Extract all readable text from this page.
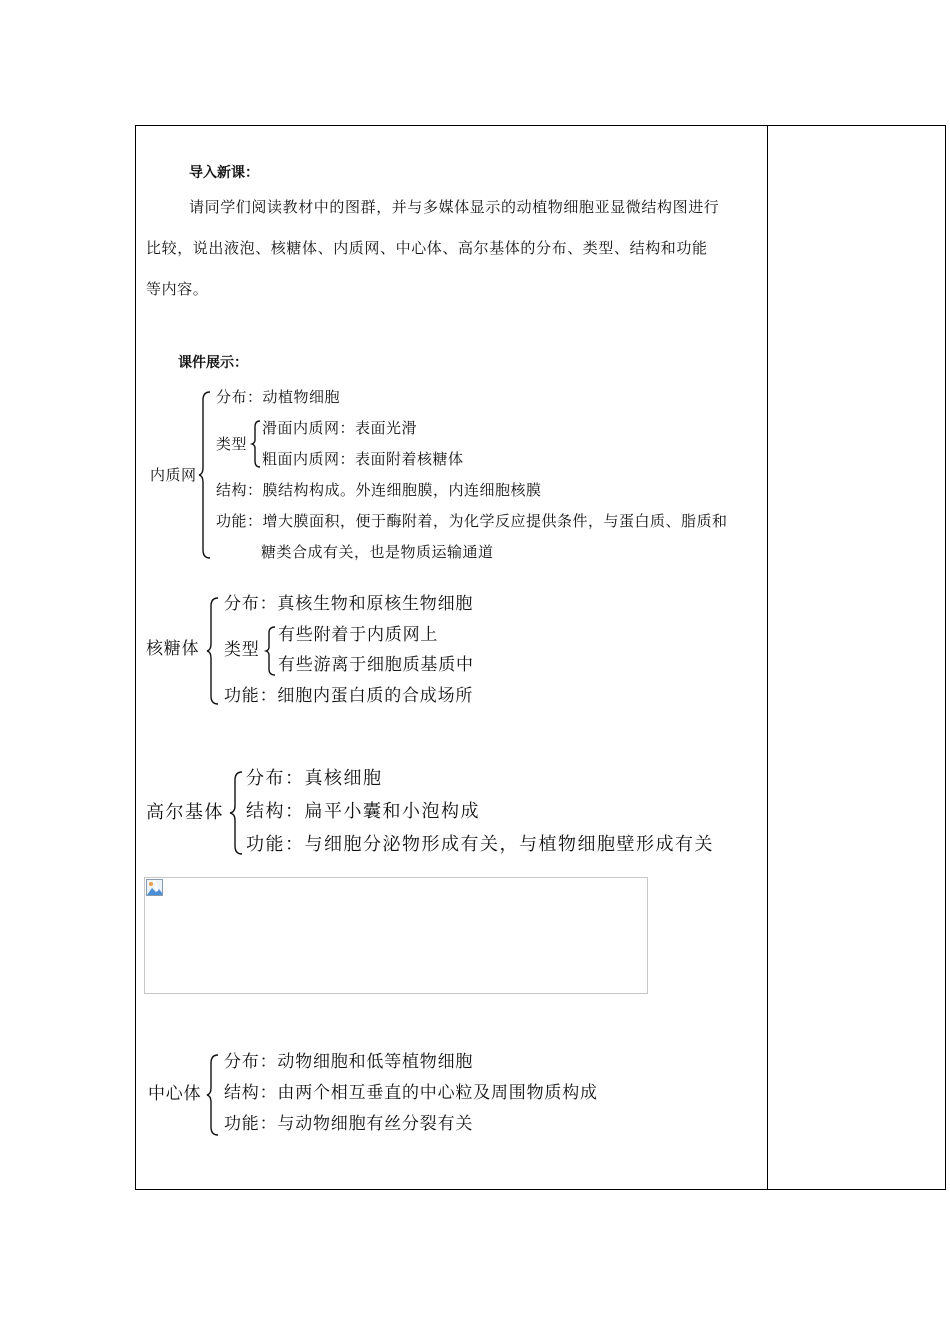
导入新课：
请同学们阅读教材中的图群，并与多媒体显示的动植物细胞亚显微结构图进行
比较，说出液泡、核糖体、内质网、中心体、高尔基体的分布、类型、结构和功能
等内容。
课件展示：
内质网
分布：动植物细胞
类型
滑面内质网：表面光滑
粗面内质网：表面附着核糖体
结构：膜结构构成。外连细胞膜，内连细胞核膜
功能：增大膜面积，便于酶附着，为化学反应提供条件，与蛋白质、脂质和
糖类合成有关，也是物质运输通道
核糖体
分布：真核生物和原核生物细胞
类型
有些附着于内质网上
有些游离于细胞质基质中
功能：细胞内蛋白质的合成场所
高尔基体
分布：真核细胞
结构：扁平小囊和小泡构成
功能：与细胞分泌物形成有关，与植物细胞壁形成有关
中心体
分布：动物细胞和低等植物细胞
结构：由两个相互垂直的中心粒及周围物质构成
功能：与动物细胞有丝分裂有关
